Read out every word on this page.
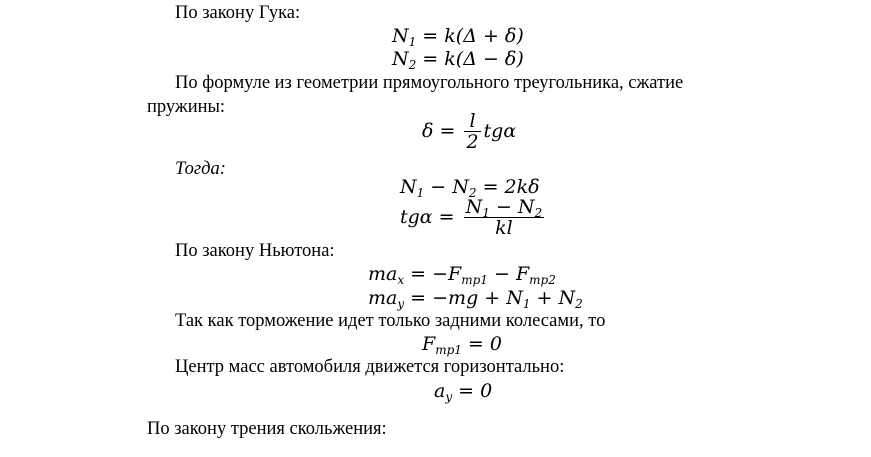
По закону Гука:
$N_1 = k(\Delta + \delta)$
$N_2 = k(\Delta - \delta)$
По формуле из геометрии прямоугольного треугольника, сжатие
пружины:
$\delta = \frac{l}{2}$ tgα
Тогда:
$N_1 - N_2 = 2k\delta$
$tg\alpha = \frac{N_1 - N_2}{kl}$
По закону Ньютона:
$ma_x = -F_{тр1} - F_{тр2}$
$ma_y = -mg + N_1 + N_2$
Так как торможение идет только задними колесами, то
$F_{тр1} = 0$
Центр масс автомобиля движется горизонтально:
$a_y = 0$
По закону трения скольжения:
